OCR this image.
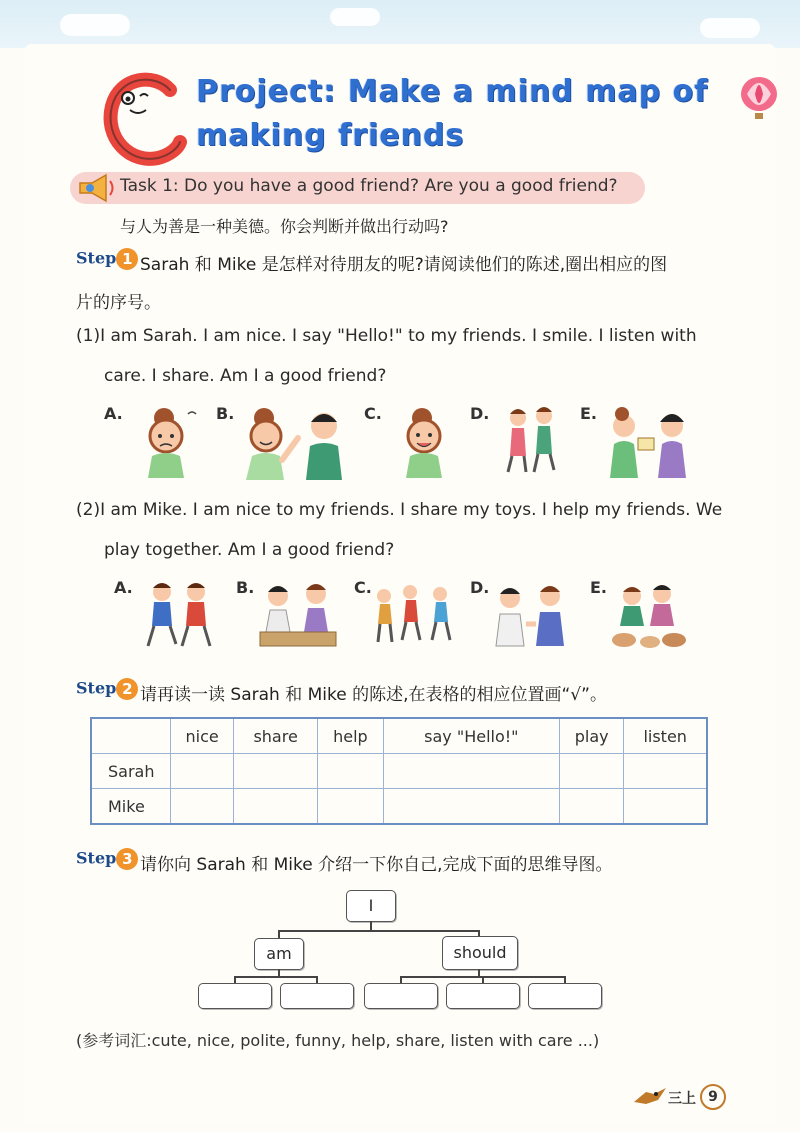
Project: Make a mind map of
making friends
Task 1: Do you have a good friend? Are you a good friend?
与人为善是一种美德。你会判断并做出行动吗?
Step 1 Sarah 和 Mike 是怎样对待朋友的呢?请阅读他们的陈述,圈出相应的图
片的序号。
(1)I am Sarah. I am nice. I say "Hello!" to my friends. I smile. I listen with
care. I share. Am I a good friend?
A.	B.	C.	D.	E.
(2)I am Mike. I am nice to my friends. I share my toys. I help my friends. We
play together. Am I a good friend?
A.	B.	C.	D.	E.
Step 2 请再读一读 Sarah 和 Mike 的陈述,在表格的相应位置画“√”。
	nice	share	help	say "Hello!"	play	listen
Sarah						
Mike						
Step 3 请你向 Sarah 和 Mike 介绍一下你自己,完成下面的思维导图。
I
am	should
(参考词汇:cute, nice, polite, funny, help, share, listen with care ...)
三上 9
